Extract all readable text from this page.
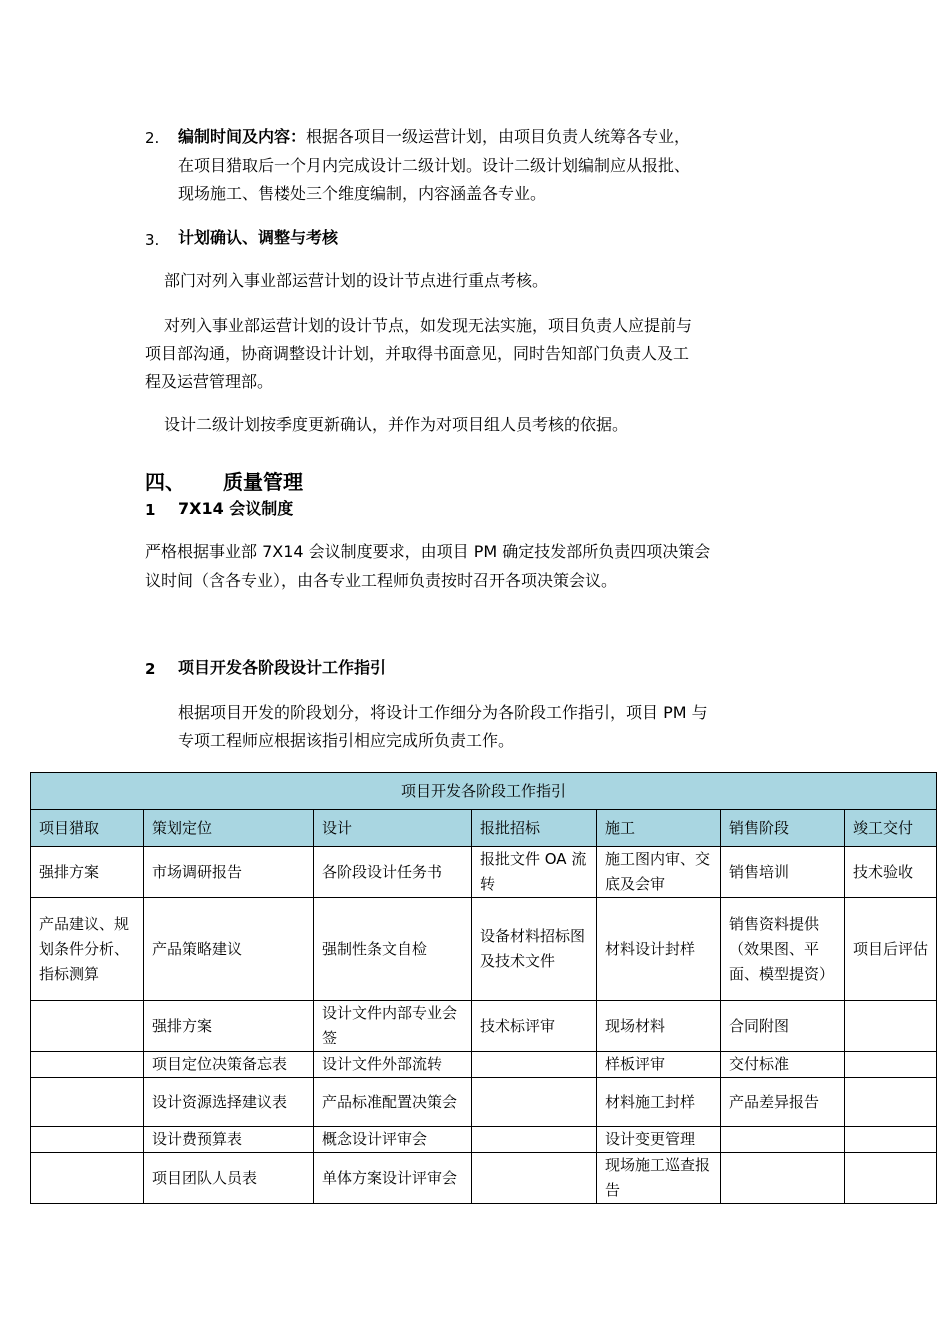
2. 编制时间及内容：根据各项目一级运营计划，由项目负责人统筹各专业，
在项目猎取后一个月内完成设计二级计划。设计二级计划编制应从报批、
现场施工、售楼处三个维度编制，内容涵盖各专业。
3. 计划确认、调整与考核
部门对列入事业部运营计划的设计节点进行重点考核。
对列入事业部运营计划的设计节点，如发现无法实施，项目负责人应提前与
项目部沟通，协商调整设计计划，并取得书面意见，同时告知部门负责人及工
程及运营管理部。
设计二级计划按季度更新确认，并作为对项目组人员考核的依据。
四、 质量管理
1 7X14 会议制度
严格根据事业部 7X14 会议制度要求，由项目 PM 确定技发部所负责四项决策会
议时间（含各专业），由各专业工程师负责按时召开各项决策会议。
2 项目开发各阶段设计工作指引
根据项目开发的阶段划分，将设计工作细分为各阶段工作指引，项目 PM 与
专项工程师应根据该指引相应完成所负责工作。
项目开发各阶段工作指引						
项目猎取	策划定位	设计	报批招标	施工	销售阶段	竣工交付
强排方案	市场调研报告	各阶段设计任务书	报批文件 OA 流转	施工图内审、交底及会审	销售培训	技术验收
产品建议、规划条件分析、指标测算	产品策略建议	强制性条文自检	设备材料招标图及技术文件	材料设计封样	销售资料提供（效果图、平面、模型提资）	项目后评估
	强排方案	设计文件内部专业会签	技术标评审	现场材料	合同附图	
	项目定位决策备忘表	设计文件外部流转		样板评审	交付标准	
	设计资源选择建议表	产品标准配置决策会		材料施工封样	产品差异报告	
	设计费预算表	概念设计评审会		设计变更管理		
	项目团队人员表	单体方案设计评审会		现场施工巡查报告		
